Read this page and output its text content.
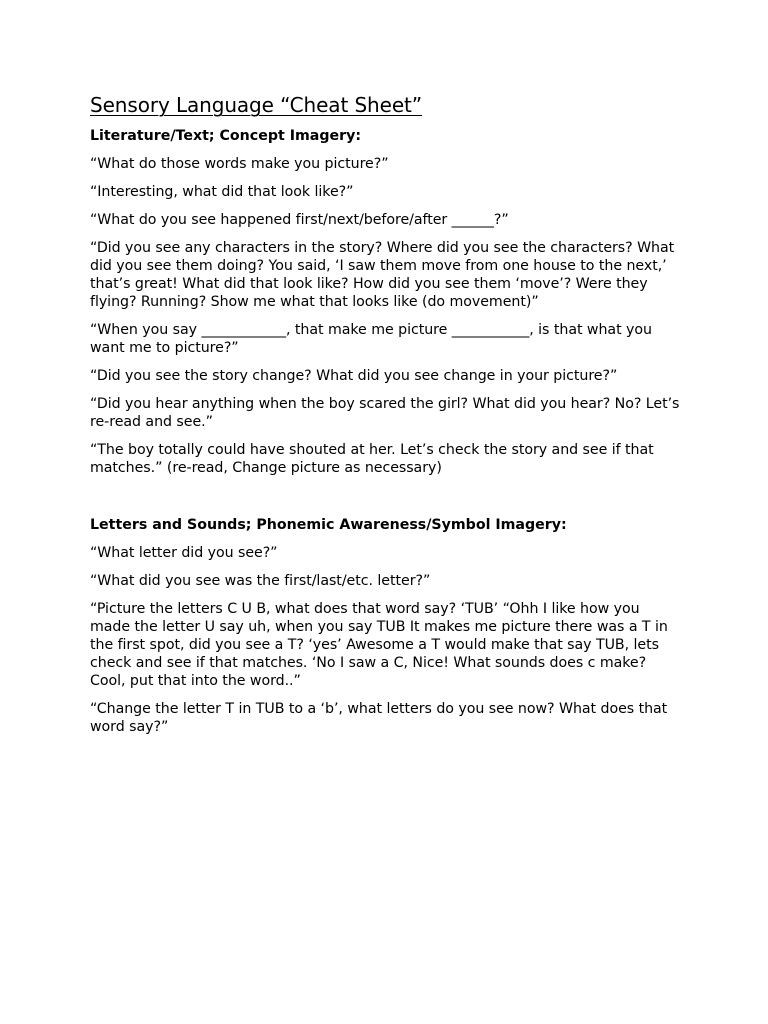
Sensory Language “Cheat Sheet”
Literature/Text; Concept Imagery:

“What do those words make you picture?”

“Interesting, what did that look like?”

“What do you see happened first/next/before/after ______?”

“Did you see any characters in the story? Where did you see the characters? What did you see them doing? You said, ‘I saw them move from one house to the next,’ that’s great! What did that look like? How did you see them ‘move’? Were they flying? Running? Show me what that looks like (do movement)”

“When you say ____________, that make me picture ___________, is that what you want me to picture?”

“Did you see the story change? What did you see change in your picture?”

“Did you hear anything when the boy scared the girl? What did you hear? No? Let’s re-read and see.”

“The boy totally could have shouted at her. Let’s check the story and see if that matches.” (re-read, Change picture as necessary)

Letters and Sounds; Phonemic Awareness/Symbol Imagery:

“What letter did you see?”

“What did you see was the first/last/etc. letter?”

“Picture the letters C U B, what does that word say? ‘TUB’ “Ohh I like how you made the letter U say uh, when you say TUB It makes me picture there was a T in the first spot, did you see a T? ‘yes’ Awesome a T would make that say TUB, lets check and see if that matches. ‘No I saw a C, Nice! What sounds does c make? Cool, put that into the word..”

“Change the letter T in TUB to a ‘b’, what letters do you see now? What does that word say?”
